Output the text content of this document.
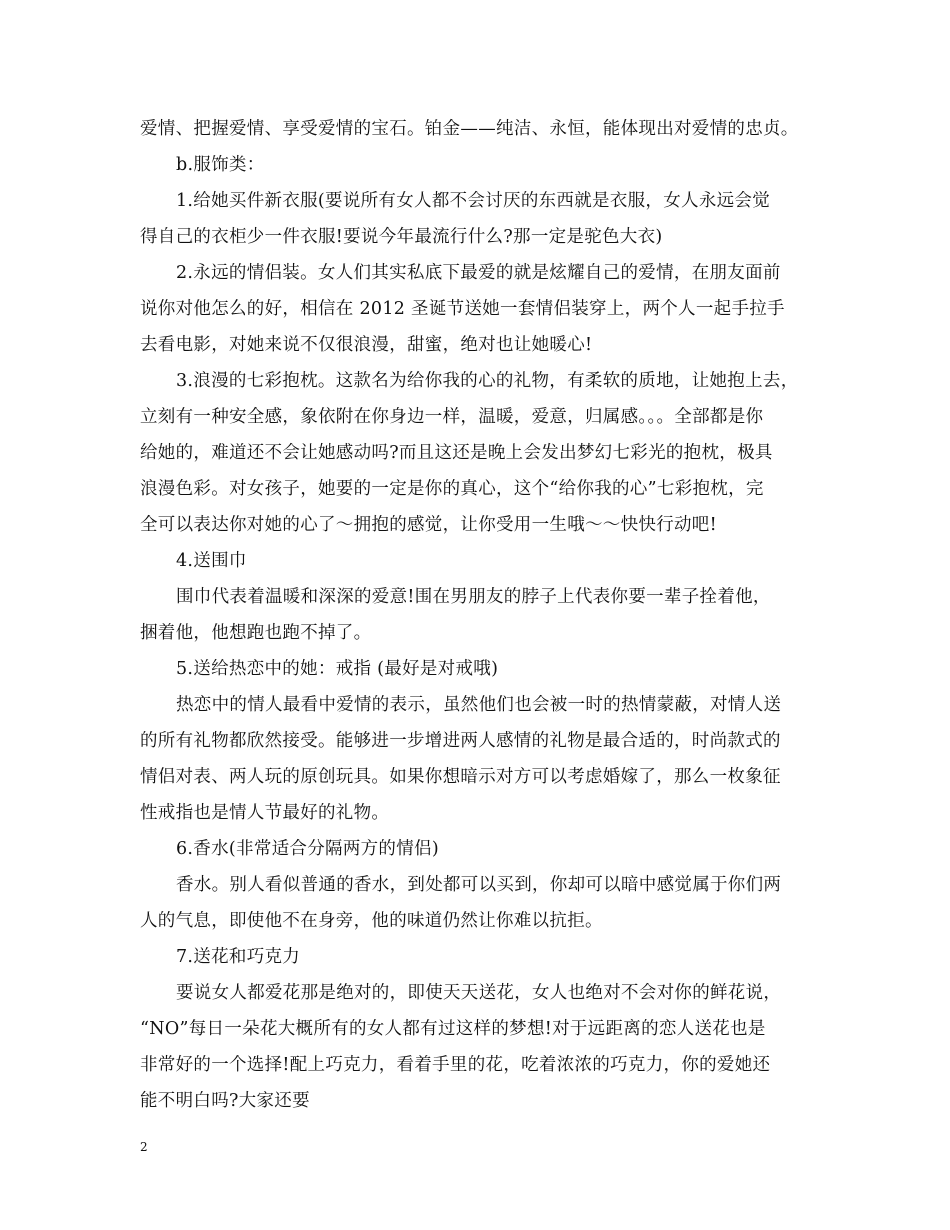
爱情、把握爱情、享受爱情的宝石。铂金——纯洁、永恒，能体现出对爱情的忠贞。
b.服饰类：
1.给她买件新衣服(要说所有女人都不会讨厌的东西就是衣服，女人永远会觉
得自己的衣柜少一件衣服!要说今年最流行什么?那一定是驼色大衣)
2.永远的情侣装。女人们其实私底下最爱的就是炫耀自己的爱情，在朋友面前
说你对他怎么的好，相信在 2012 圣诞节送她一套情侣装穿上，两个人一起手拉手
去看电影，对她来说不仅很浪漫，甜蜜，绝对也让她暖心!
3.浪漫的七彩抱枕。这款名为给你我的心的礼物，有柔软的质地，让她抱上去，
立刻有一种安全感，象依附在你身边一样，温暖，爱意，归属感。。。全部都是你
给她的，难道还不会让她感动吗?而且这还是晚上会发出梦幻七彩光的抱枕，极具
浪漫色彩。对女孩子，她要的一定是你的真心，这个“给你我的心”七彩抱枕，完
全可以表达你对她的心了～拥抱的感觉，让你受用一生哦～～快快行动吧!
4.送围巾
围巾代表着温暖和深深的爱意!围在男朋友的脖子上代表你要一辈子拴着他，
捆着他，他想跑也跑不掉了。
5.送给热恋中的她：戒指 (最好是对戒哦)
热恋中的情人最看中爱情的表示，虽然他们也会被一时的热情蒙蔽，对情人送
的所有礼物都欣然接受。能够进一步增进两人感情的礼物是最合适的，时尚款式的
情侣对表、两人玩的原创玩具。如果你想暗示对方可以考虑婚嫁了，那么一枚象征
性戒指也是情人节最好的礼物。
6.香水(非常适合分隔两方的情侣)
香水。别人看似普通的香水，到处都可以买到，你却可以暗中感觉属于你们两
人的气息，即使他不在身旁，他的味道仍然让你难以抗拒。
7.送花和巧克力
要说女人都爱花那是绝对的，即使天天送花，女人也绝对不会对你的鲜花说，
“NO”每日一朵花大概所有的女人都有过这样的梦想!对于远距离的恋人送花也是
非常好的一个选择!配上巧克力，看着手里的花，吃着浓浓的巧克力，你的爱她还
能不明白吗?大家还要
2
